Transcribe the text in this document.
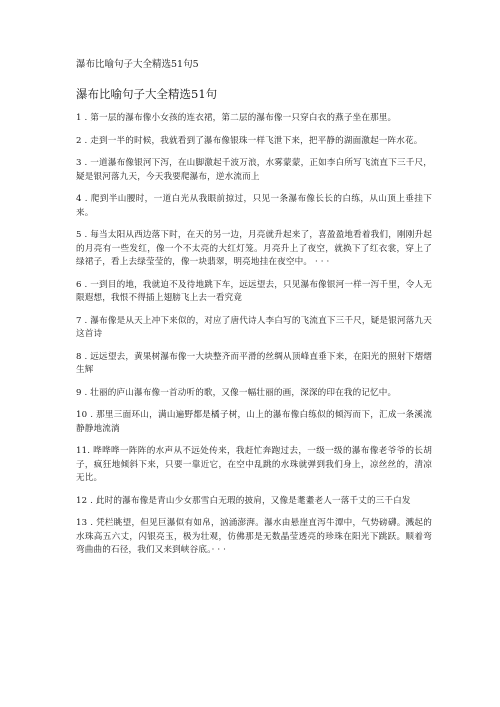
瀑布比喻句子大全精选51句5
瀑布比喻句子大全精选51句

1 . 第一层的瀑布像小女孩的连衣裙，第二层的瀑布像一只穿白衣的燕子坐在那里。

2 . 走到一半的时候，我就看到了瀑布像银珠一样飞泄下来，把平静的湖面激起一阵水花。

3 . 一道瀑布像银河下泻，在山脚激起千波万浪，水雾蒙蒙，正如李白所写飞流直下三千尺，疑是银河落九天，今天我要爬瀑布，逆水流而上

4 . 爬到半山腰时，一道白光从我眼前掠过，只见一条瀑布像长长的白练，从山顶上垂挂下来。

5 . 每当太阳从西边落下时，在天的另一边，月亮就升起来了，喜盈盈地看着我们，刚刚升起的月亮有一些发红，像一个不太亮的大红灯笼。月亮升上了夜空，就换下了红衣裳，穿上了绿裙子，看上去绿莹莹的，像一块翡翠，明亮地挂在夜空中。 · · ·

6 . 一到目的地，我就迫不及待地跳下车，远远望去，只见瀑布像银河一样一泻千里，令人无限遐想，我恨不得插上翅膀飞上去一看究竟

7 . 瀑布像是从天上冲下来似的，对应了唐代诗人李白写的飞流直下三千尺，疑是银河落九天这首诗

8 . 远远望去，黄果树瀑布像一大块整齐而平滑的丝绸从顶峰直垂下来，在阳光的照射下熠熠生辉

9 . 壮丽的庐山瀑布像一首动听的歌，又像一幅壮丽的画，深深的印在我的记忆中。

10 . 那里三面环山，满山遍野都是橘子树，山上的瀑布像白练似的倾泻而下，汇成一条溪流静静地流淌

11. 哗哗哗一阵阵的水声从不远处传来，我赶忙奔跑过去，一级一级的瀑布像老爷爷的长胡子，疯狂地倾斜下来，只要一靠近它，在空中乱跳的水珠就弹到我们身上，凉丝丝的，清凉无比。

12 . 此时的瀑布像是青山少女那雪白无瑕的披肩，又像是耄耋老人一落千丈的三千白发

13 . 凭栏眺望，但见巨瀑似有如帛，汹涌澎湃。瀑水由悬崖直泻牛潭中，气势磅礴。溅起的水珠高五六丈，闪银亮玉，极为壮观，仿佛那是无数晶莹透亮的珍珠在阳光下跳跃。顺着弯弯曲曲的石径，我们又来到峡谷底。· · ·
